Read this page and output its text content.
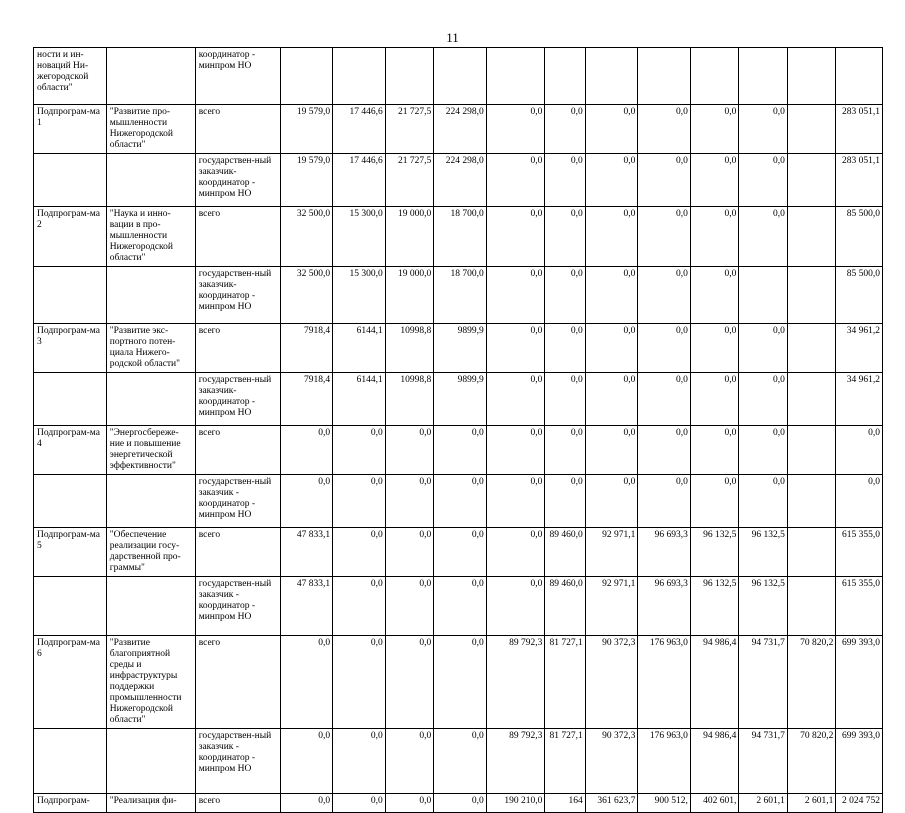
11
ности и ин-новаций Ни-жегородской области"		координатор - минпром НО												
Подпрограм-ма 1	"Развитие про-мышленности Нижегородской области"	всего	19 579,0	17 446,6	21 727,5	224 298,0	0,0	0,0	0,0	0,0	0,0	0,0		283 051,1
		государствен-ный заказчик-координатор - минпром НО	19 579,0	17 446,6	21 727,5	224 298,0	0,0	0,0	0,0	0,0	0,0	0,0		283 051,1
Подпрограм-ма 2	"Наука и инно-вации в про-мышленности Нижегородской области"	всего	32 500,0	15 300,0	19 000,0	18 700,0	0,0	0,0	0,0	0,0	0,0	0,0		85 500,0
		государствен-ный заказчик-координатор - минпром НО	32 500,0	15 300,0	19 000,0	18 700,0	0,0	0,0	0,0	0,0	0,0			85 500,0
Подпрограм-ма 3	"Развитие экс-портного потен-циала Нижего-родской области"	всего	7918,4	6144,1	10998,8	9899,9	0,0	0,0	0,0	0,0	0,0	0,0		34 961,2
		государствен-ный заказчик-координатор - минпром НО	7918,4	6144,1	10998,8	9899,9	0,0	0,0	0,0	0,0	0,0	0,0		34 961,2
Подпрограм-ма 4	"Энергосбереже-ние и повышение энергетической эффективности"	всего	0,0	0,0	0,0	0,0	0,0	0,0	0,0	0,0	0,0	0,0		0,0
		государствен-ный заказчик - координатор - минпром НО	0,0	0,0	0,0	0,0	0,0	0,0	0,0	0,0	0,0	0,0		0,0
Подпрограм-ма 5	"Обеспечение реализации госу-дарственной про-граммы"	всего	47 833,1	0,0	0,0	0,0	0,0	89 460,0	92 971,1	96 693,3	96 132,5	96 132,5		615 355,0
		государствен-ный заказчик - координатор - минпром НО	47 833,1	0,0	0,0	0,0	0,0	89 460,0	92 971,1	96 693,3	96 132,5	96 132,5		615 355,0
Подпрограм-ма 6	"Развитие благоприятной среды и инфраструктуры поддержки промышленности Нижегородской области"	всего	0,0	0,0	0,0	0,0	89 792,3	81 727,1	90 372,3	176 963,0	94 986,4	94 731,7	70 820,2	699 393,0
		государствен-ный заказчик - координатор - минпром НО	0,0	0,0	0,0	0,0	89 792,3	81 727,1	90 372,3	176 963,0	94 986,4	94 731,7	70 820,2	699 393,0
Подпрограм-	"Реализация фи-	всего	0,0	0,0	0,0	0,0	190 210,0	164	361 623,7	900 512,	402 601,	2 601,1	2 601,1	2 024 752
